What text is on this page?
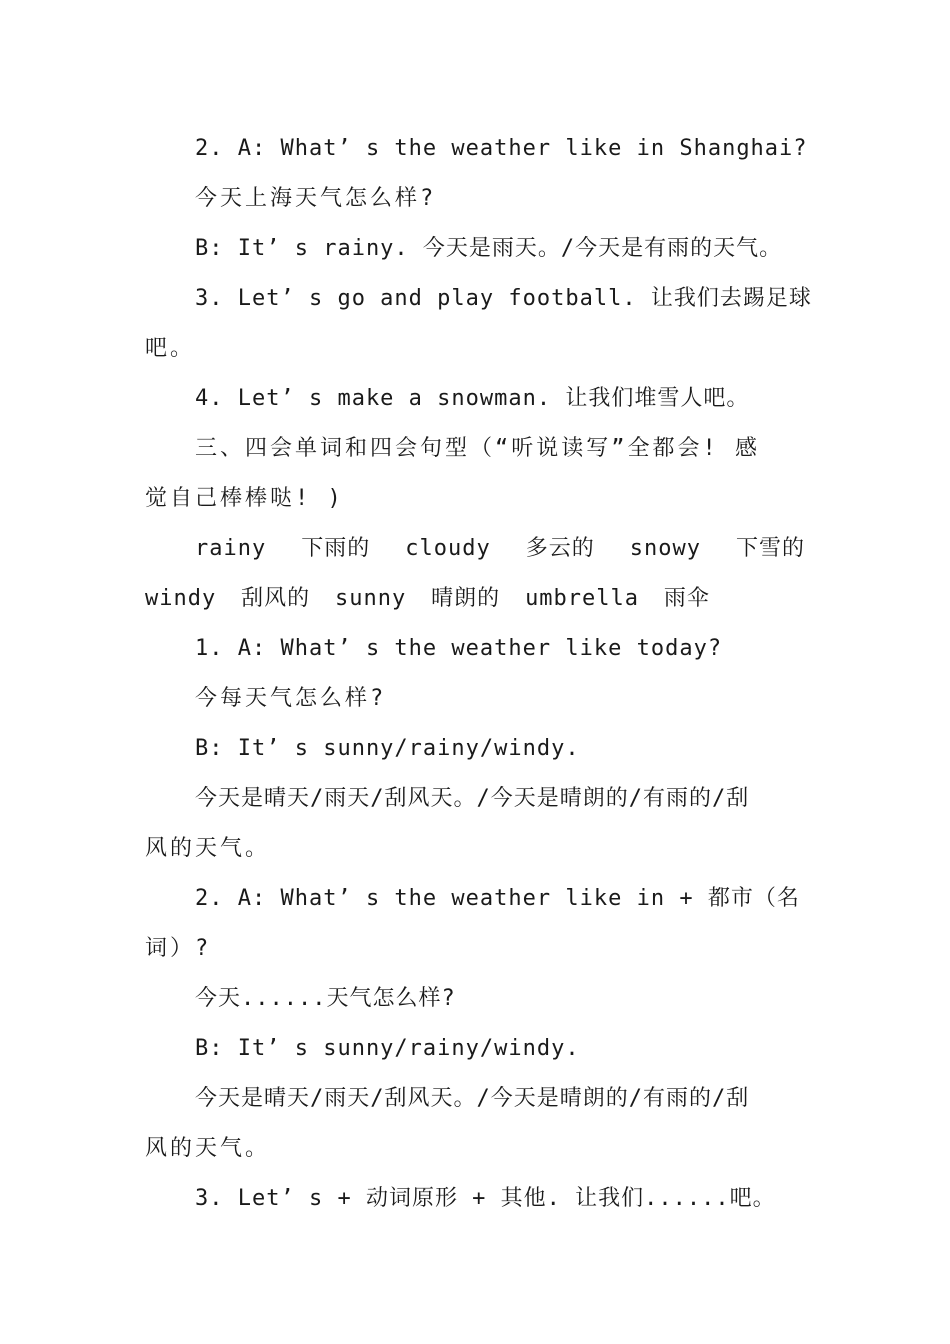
2. A: What’ s the weather like in Shanghai?
今天上海天气怎么样?
B: It’ s rainy. 今天是雨天。/今天是有雨的天气。
3. Let’ s go and play football. 让我们去踢足球
吧。
4. Let’ s make a snowman. 让我们堆雪人吧。
三、四会单词和四会句型（“听说读写”全都会! 感
觉自己棒棒哒! )
rainy 下雨的 cloudy 多云的 snowy 下雪的
windy 刮风的 sunny 晴朗的 umbrella 雨伞
1. A: What’ s the weather like today?
今每天气怎么样?
B: It’ s sunny/rainy/windy.
今天是晴天/雨天/刮风天。/今天是晴朗的/有雨的/刮
风的天气。
2. A: What’ s the weather like in + 都市（名
词）?
今天......天气怎么样?
B: It’ s sunny/rainy/windy.
今天是晴天/雨天/刮风天。/今天是晴朗的/有雨的/刮
风的天气。
3. Let’ s + 动词原形 + 其他. 让我们......吧。
